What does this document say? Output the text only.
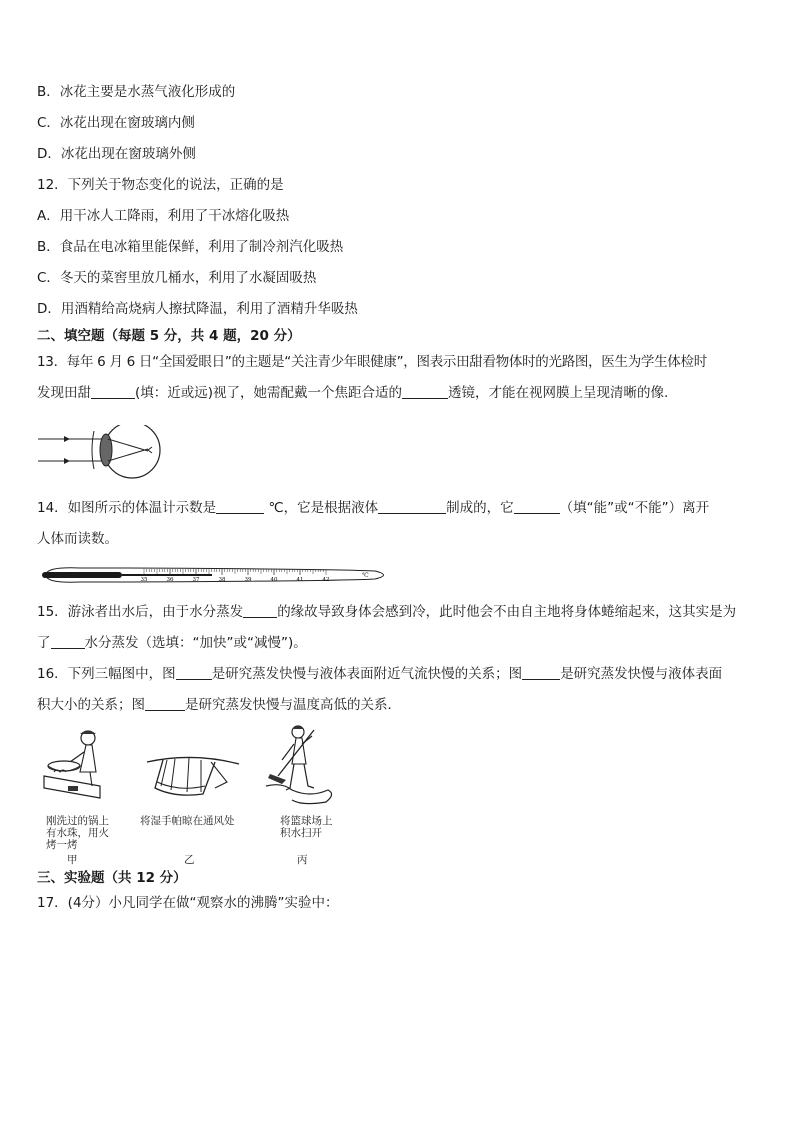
B．冰花主要是水蒸气液化形成的
C．冰花出现在窗玻璃内侧
D．冰花出现在窗玻璃外侧
12．下列关于物态变化的说法，正确的是
A．用干冰人工降雨，利用了干冰熔化吸热
B．食品在电冰箱里能保鲜，利用了制冷剂汽化吸热
C．冬天的菜窖里放几桶水，利用了水凝固吸热
D．用酒精给高烧病人擦拭降温，利用了酒精升华吸热
二、填空题（每题 5 分，共 4 题，20 分）
13．每年 6 月 6 日“全国爱眼日”的主题是“关注青少年眼健康”，图表示田甜看物体时的光路图，医生为学生体检时
发现田甜	(填：近或远)视了，她需配戴一个焦距合适的	透镜，才能在视网膜上呈现清晰的像.
14．如图所示的体温计示数是	℃，它是根据液体	制成的，它	（填“能”或“不能”）离开
人体而读数。
35	36	37	38	39	40	41	42
℃
15．游泳者出水后，由于水分蒸发	的缘故导致身体会感到冷，此时他会不由自主地将身体蜷缩起来，这其实是为
了	水分蒸发（选填：“加快”或“减慢”)。
16．下列三幅图中，图	是研究蒸发快慢与液体表面附近气流快慢的关系；图	是研究蒸发快慢与液体表面
积大小的关系；图	是研究蒸发快慢与温度高低的关系．
刚洗过的锅上
有水珠，用火
烤一烤
甲
将湿手帕晾在通风处
乙
将篮球场上
积水扫开
丙
三、实验题（共 12 分）
17．(4分）小凡同学在做“观察水的沸腾”实验中：
